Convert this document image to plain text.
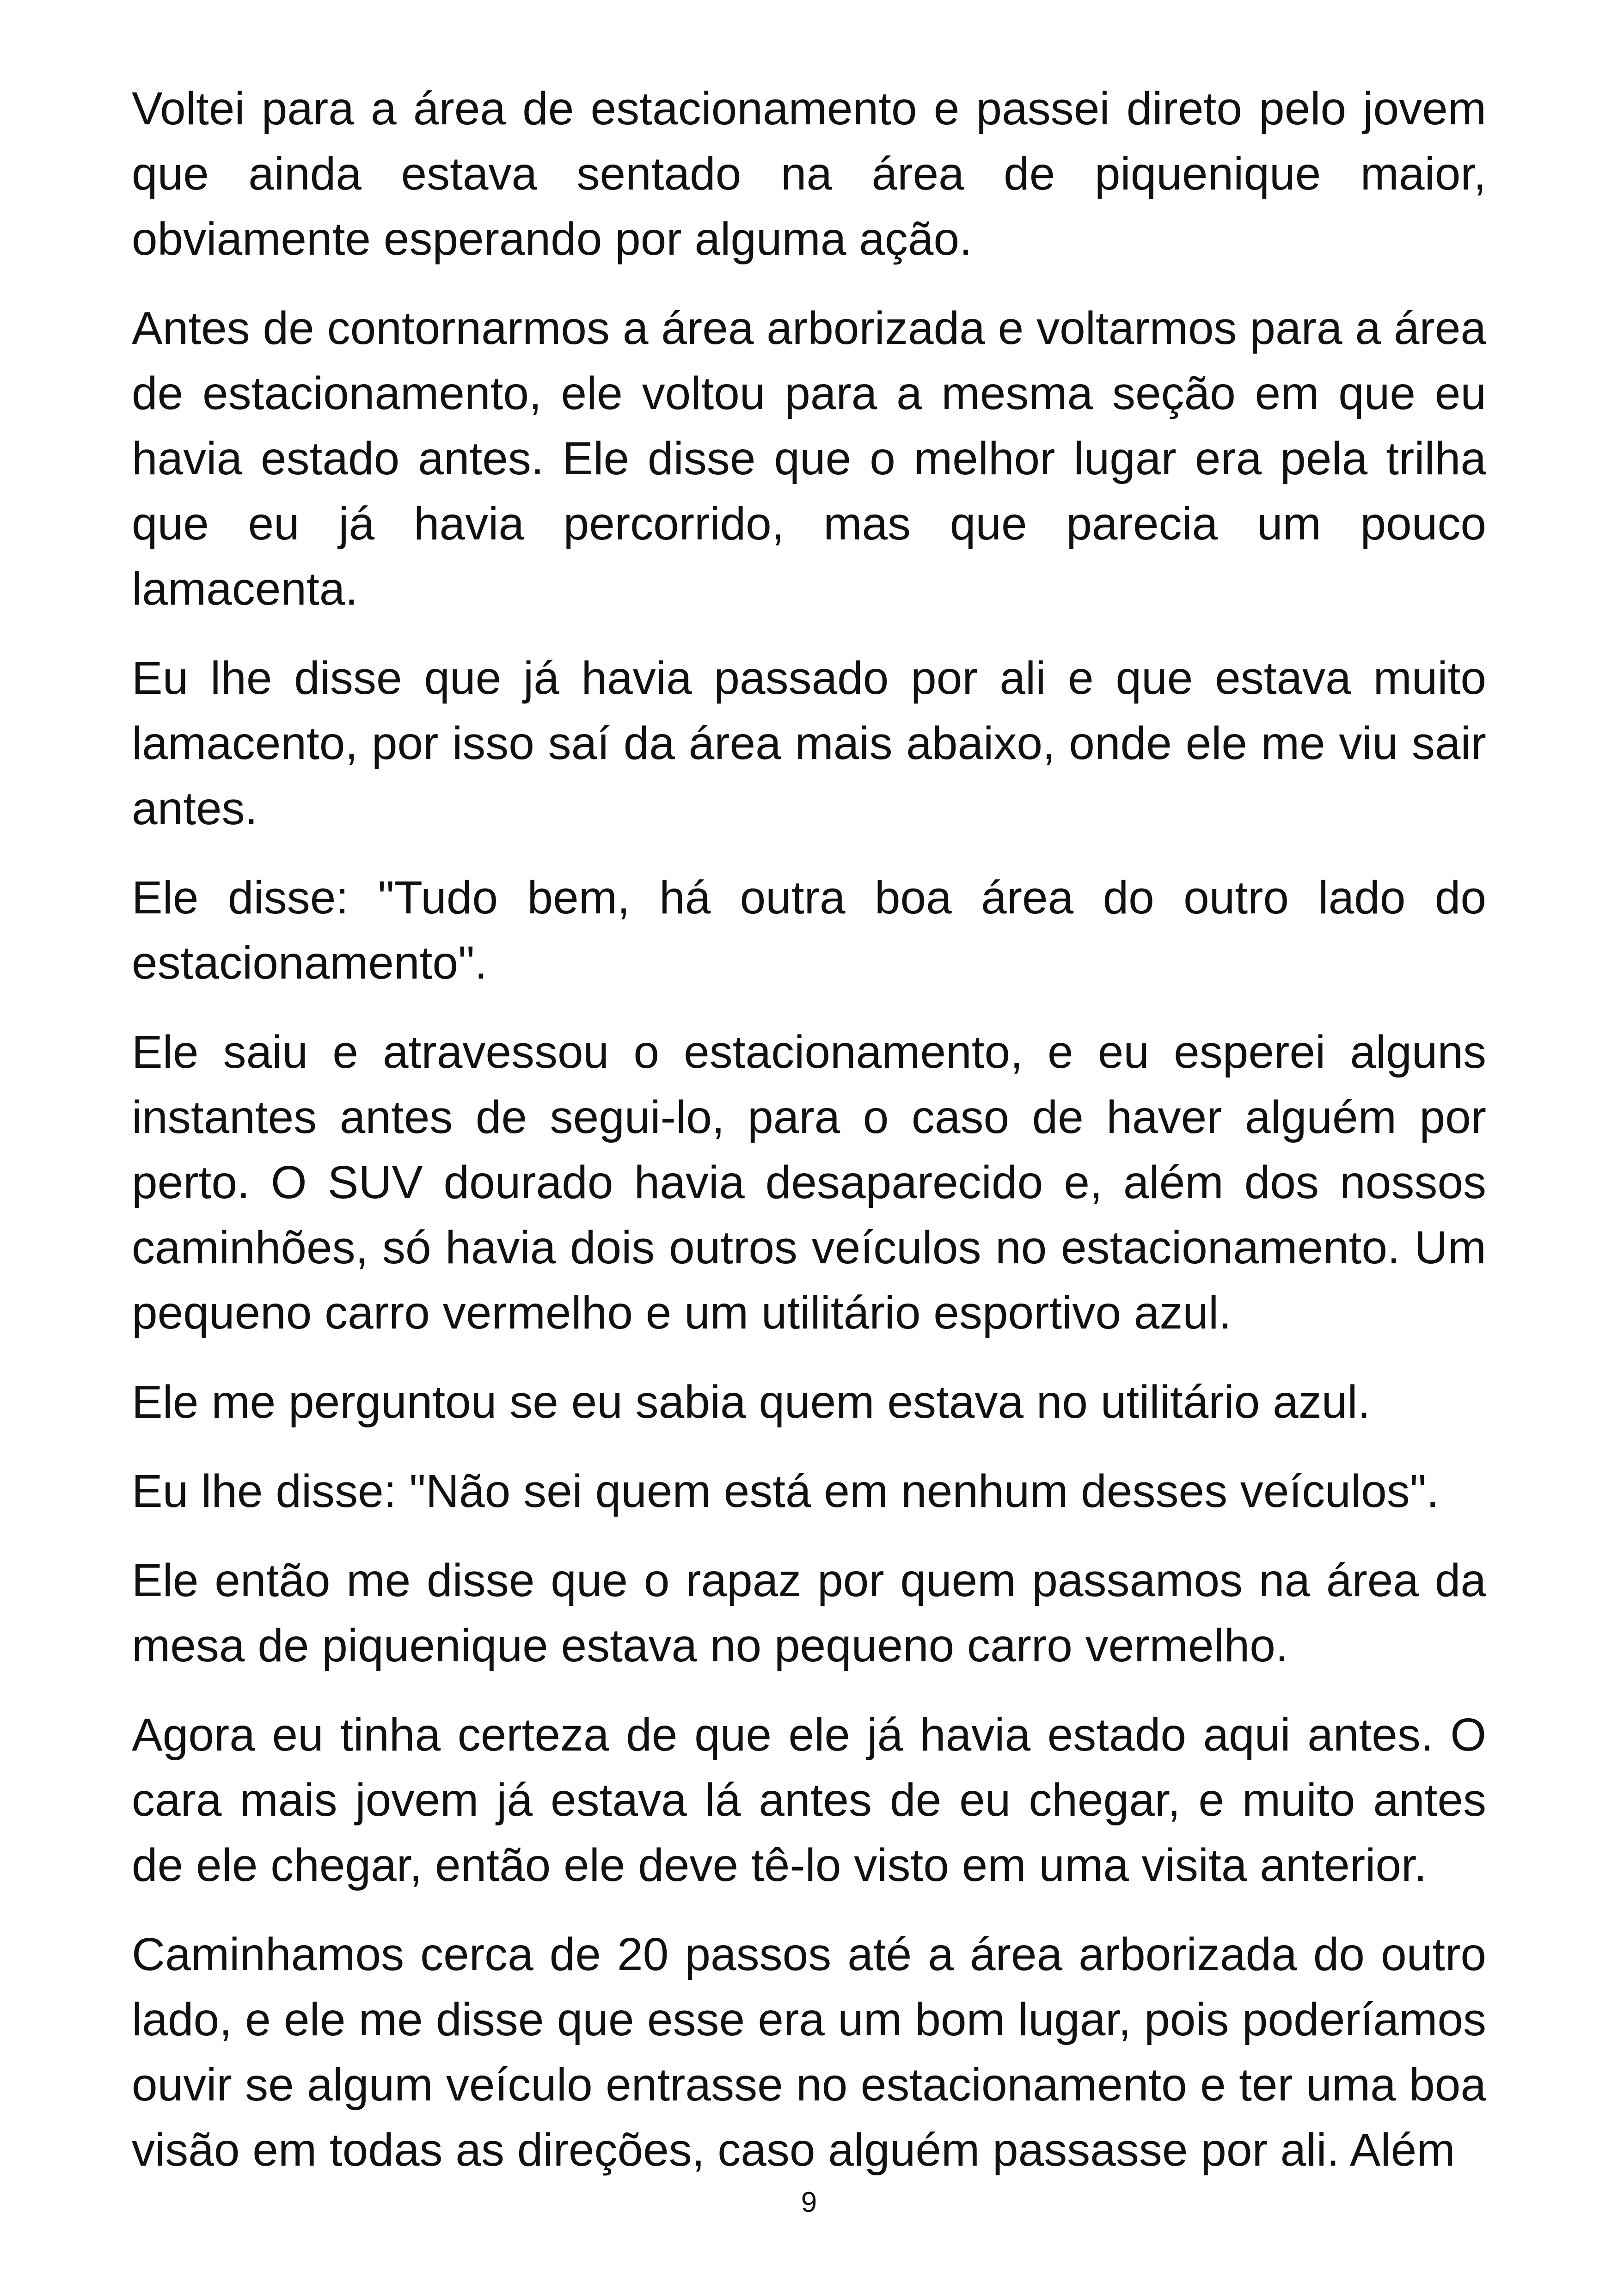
Voltei para a área de estacionamento e passei direto pelo jovem que ainda estava sentado na área de piquenique maior, obviamente esperando por alguma ação.

Antes de contornarmos a área arborizada e voltarmos para a área de estacionamento, ele voltou para a mesma seção em que eu havia estado antes. Ele disse que o melhor lugar era pela trilha que eu já havia percorrido, mas que parecia um pouco lamacenta.

Eu lhe disse que já havia passado por ali e que estava muito lamacento, por isso saí da área mais abaixo, onde ele me viu sair antes.

Ele disse: "Tudo bem, há outra boa área do outro lado do estacionamento".

Ele saiu e atravessou o estacionamento, e eu esperei alguns instantes antes de segui-lo, para o caso de haver alguém por perto. O SUV dourado havia desaparecido e, além dos nossos caminhões, só havia dois outros veículos no estacionamento. Um pequeno carro vermelho e um utilitário esportivo azul.

Ele me perguntou se eu sabia quem estava no utilitário azul.

Eu lhe disse: "Não sei quem está em nenhum desses veículos".

Ele então me disse que o rapaz por quem passamos na área da mesa de piquenique estava no pequeno carro vermelho.

Agora eu tinha certeza de que ele já havia estado aqui antes. O cara mais jovem já estava lá antes de eu chegar, e muito antes de ele chegar, então ele deve tê-lo visto em uma visita anterior.

Caminhamos cerca de 20 passos até a área arborizada do outro lado, e ele me disse que esse era um bom lugar, pois poderíamos ouvir se algum veículo entrasse no estacionamento e ter uma boa visão em todas as direções, caso alguém passasse por ali. Além

9
